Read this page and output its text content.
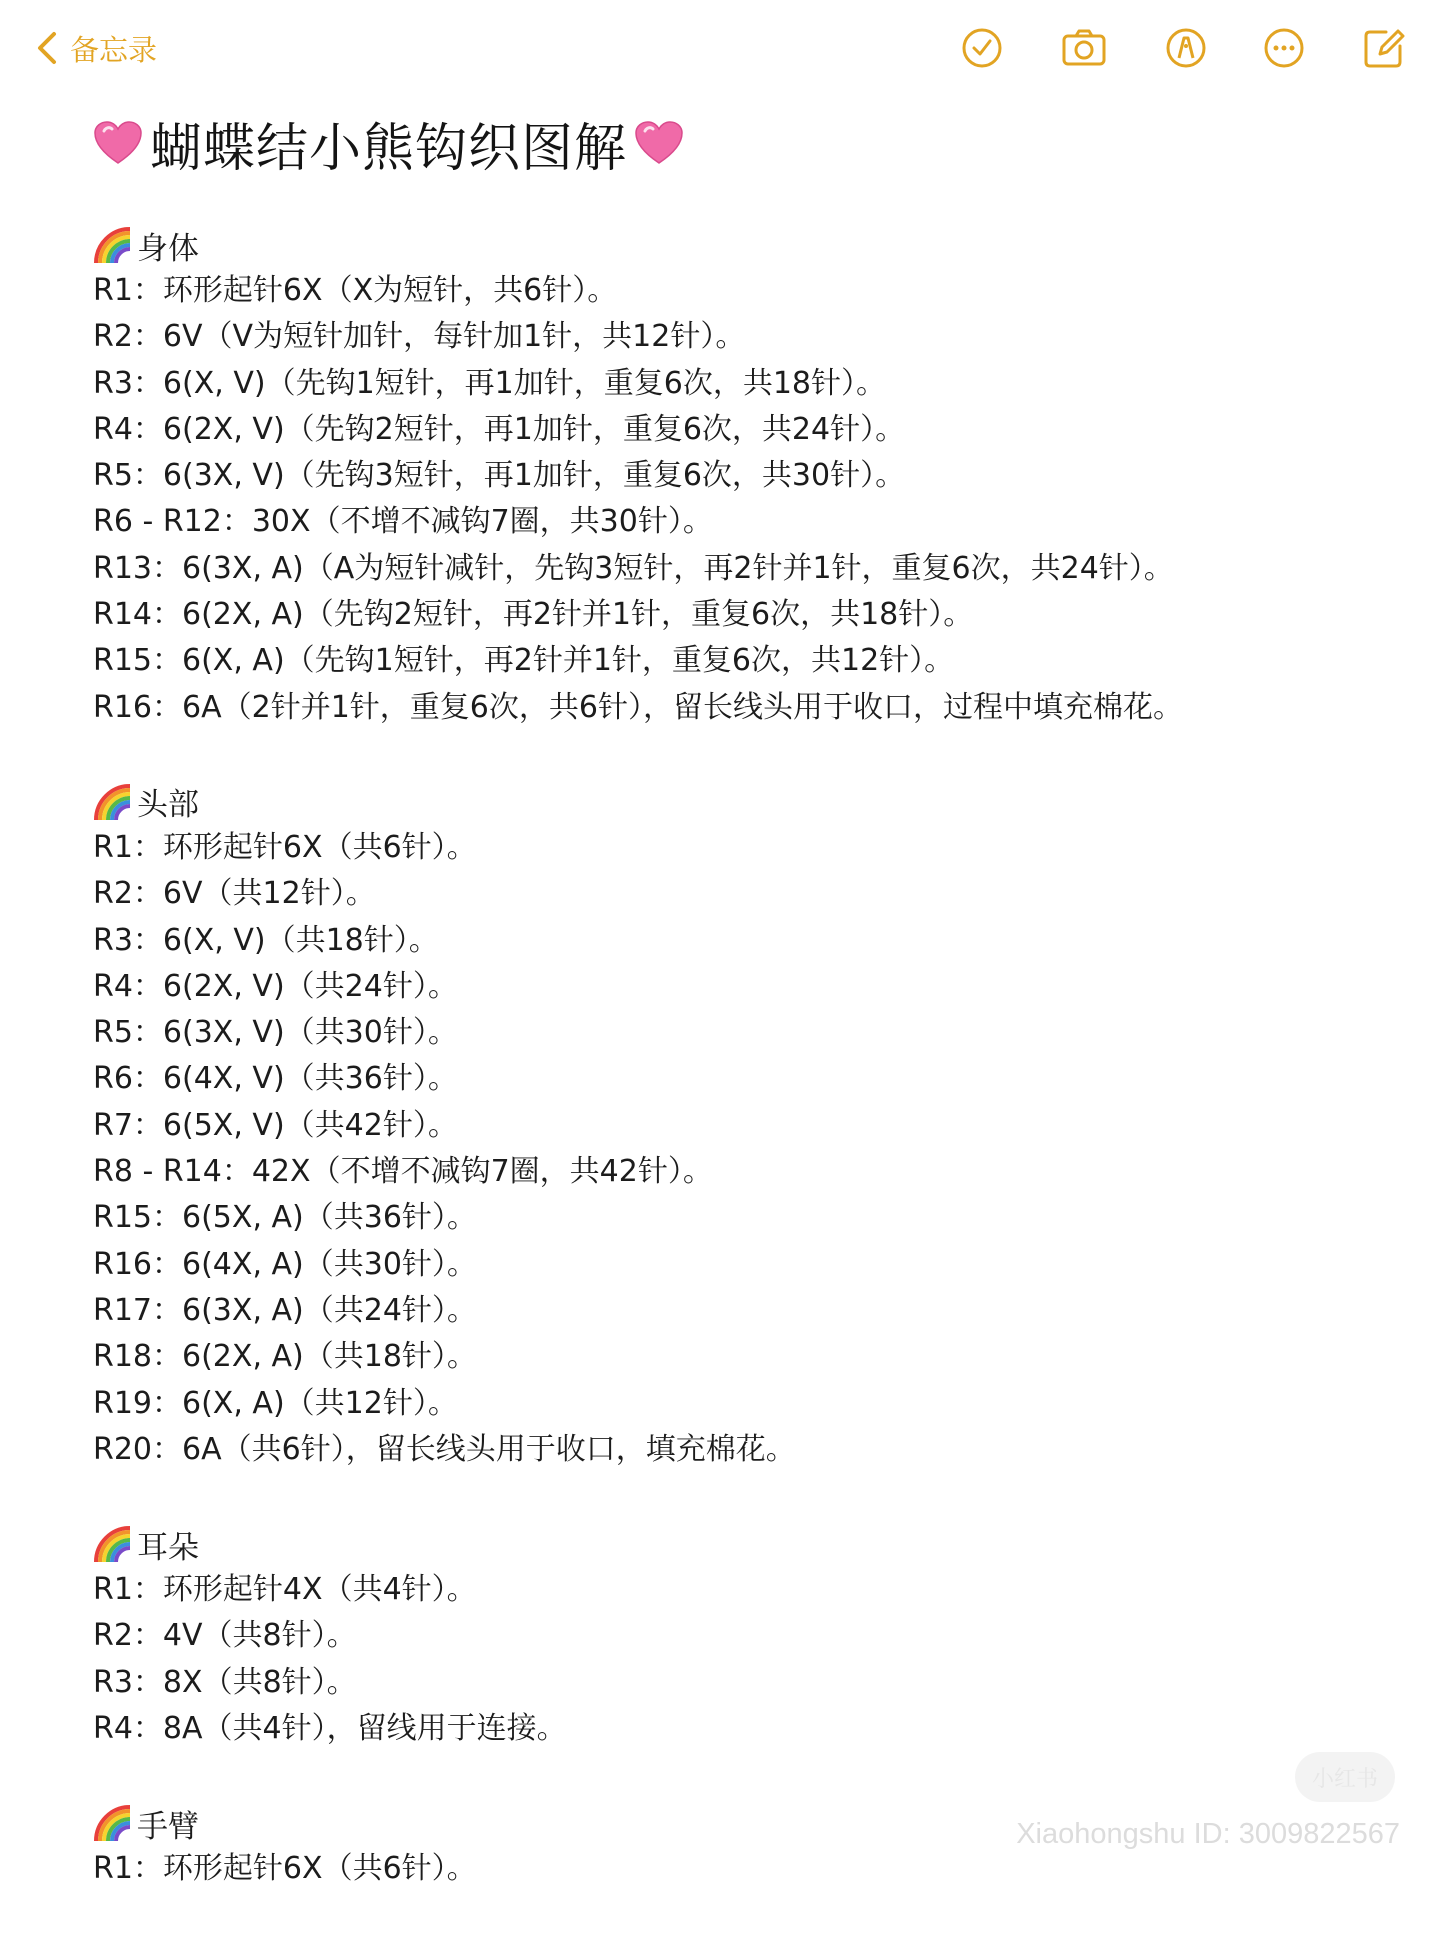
备忘录
蝴蝶结小熊钩织图解
身体
R1：环形起针6X（X为短针，共6针）。
R2：6V（V为短针加针，每针加1针，共12针）。
R3：6(X, V)（先钩1短针，再1加针，重复6次，共18针）。
R4：6(2X, V)（先钩2短针，再1加针，重复6次，共24针）。
R5：6(3X, V)（先钩3短针，再1加针，重复6次，共30针）。
R6 - R12：30X（不增不减钩7圈，共30针）。
R13：6(3X, A)（A为短针减针，先钩3短针，再2针并1针，重复6次，共24针）。
R14：6(2X, A)（先钩2短针，再2针并1针，重复6次，共18针）。
R15：6(X, A)（先钩1短针，再2针并1针，重复6次，共12针）。
R16：6A（2针并1针，重复6次，共6针），留长线头用于收口，过程中填充棉花。
头部
R1：环形起针6X（共6针）。
R2：6V（共12针）。
R3：6(X, V)（共18针）。
R4：6(2X, V)（共24针）。
R5：6(3X, V)（共30针）。
R6：6(4X, V)（共36针）。
R7：6(5X, V)（共42针）。
R8 - R14：42X（不增不减钩7圈，共42针）。
R15：6(5X, A)（共36针）。
R16：6(4X, A)（共30针）。
R17：6(3X, A)（共24针）。
R18：6(2X, A)（共18针）。
R19：6(X, A)（共12针）。
R20：6A（共6针），留长线头用于收口，填充棉花。
耳朵
R1：环形起针4X（共4针）。
R2：4V（共8针）。
R3：8X（共8针）。
R4：8A（共4针），留线用于连接。
手臂
R1：环形起针6X（共6针）。
小红书
Xiaohongshu ID: 3009822567
